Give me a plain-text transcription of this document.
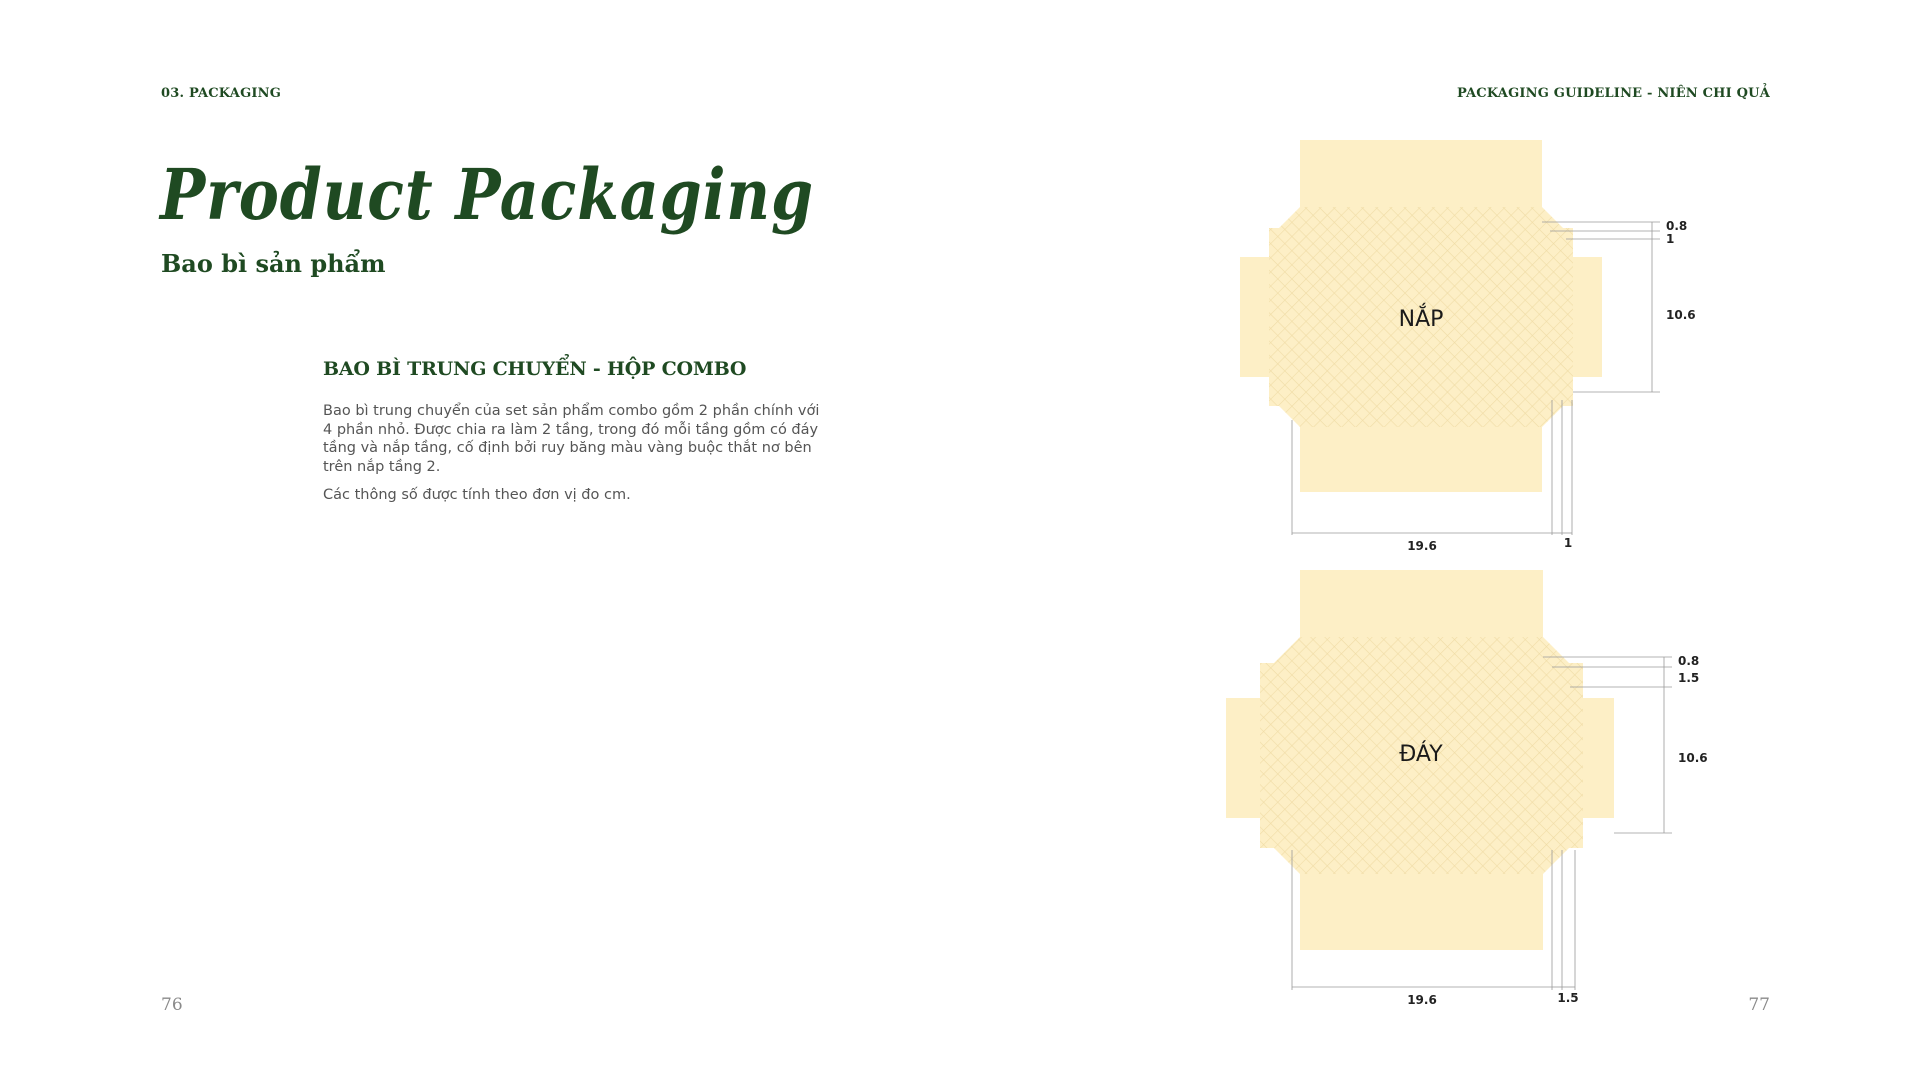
03. PACKAGING	PACKAGING GUIDELINE - NIÊN CHI QUẢ
Product Packaging
Bao bì sản phẩm
BAO BÌ TRUNG CHUYỂN - HỘP COMBO

Bao bì trung chuyển của set sản phẩm combo gồm 2 phần chính với 4 phần nhỏ. Được chia ra làm 2 tầng, trong đó mỗi tầng gồm có đáy tầng và nắp tầng, cố định bởi ruy băng màu vàng buộc thắt nơ bên trên nắp tầng 2.

Các thông số được tính theo đơn vị đo cm.

NẮP
0.8
1
10.6
19.6	1
ĐÁY
0.8
1.5
10.6
19.6	1.5
76	77
